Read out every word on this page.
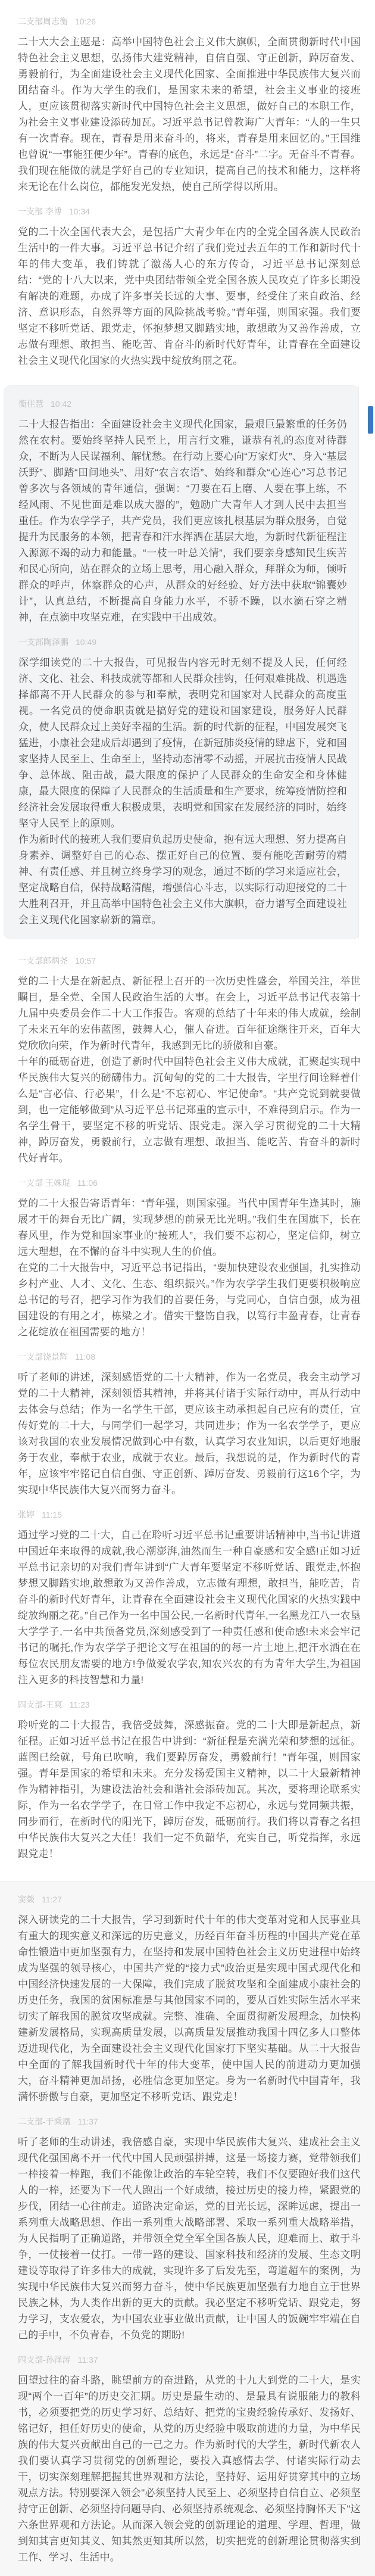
二支部周志衡 10:26
二十大大会主题是：高举中国特色社会主义伟大旗帜，全面贯彻新时代中国特色社会主义思想，弘扬伟大建党精神，自信自强、守正创新，踔厉奋发、勇毅前行，为全面建设社会主义现代化国家、全面推进中华民族伟大复兴而团结奋斗。作为大学生的我们，是国家未来的希望，社会主义事业的接班人，更应该贯彻落实新时代中国特色社会主义思想，做好自己的本职工作，为社会主义事业建设添砖加瓦。习近平总书记曾教诲广大青年：“人的一生只有一次青春。现在，青春是用来奋斗的，将来，青春是用来回忆的。”王国维也曾说“一事能狂便少年”。青春的底色，永远是“奋斗”二字。无奋斗不青春。我们现在能做的就是学好自己的专业知识，提高自己的技术和能力，这样将来无论在什么岗位，都能发光发热，使自己所学得以所用。
一支部 李博 10:34
党的二十次全国代表大会，是包括广大青少年在内的全党全国各族人民政治生活中的一件大事。习近平总书记介绍了我们党过去五年的工作和新时代十年的伟大变革，我们铸就了激荡人心的东方传奇，习近平总书记深刻总结：“党的十八大以来，党中央团结带领全党全国各族人民攻克了许多长期没有解决的难题，办成了许多事关长远的大事、要事，经受住了来自政治、经济、意识形态，自然界等方面的风险挑战考验。”青年强，则国家强。我们要坚定不移听党话、跟党走，怀抱梦想又脚踏实地，敢想敢为又善作善成，立志做有理想、敢担当、能吃苦、肯奋斗的新时代好青年，让青春在全面建设社会主义现代化国家的火热实践中绽放绚丽之花。
衡佳慧 10:42
二十大报告指出：全面建设社会主义现代化国家，最艰巨最繁重的任务仍然在农村。要始终坚持人民至上，用言行文雅，谦恭有礼的态度对待群众，不断为人民谋福利、解忧愁。在行动上要心向“万家灯火”、身入“基层沃野”、脚踏“田间地头”、用好“农言农语”、始终和群众“心连心”习总书记曾多次与各领域的青年通信，强调：“刀要在石上磨、人要在事上练，不经风雨、不见世面是难以成大器的”，勉励广大青年人才到人民中去担当重任。作为农学学子，共产党员，我们更应该扎根基层为群众服务，自觉提升为民服务的本领，把青春和汗水挥洒在基层大地，为新时代新征程注入源源不竭的动力和能量。“一枝一叶总关情”，我们要亲身感知民生疾苦和民心所向，站在群众的立场上思考，用心融入群众，拜群众为师，倾听群众的呼声，体察群众的心声，从群众的好经验、好方法中获取“锦囊妙计”，认真总结，不断提高自身能力水平，不骄不躁，以水滴石穿之精神，在点滴中攻坚克难，在实践中干出成效。
一支部陶泽鹏 10:49
深学细读党的二十大报告，可见报告内容无时无刻不提及人民，任何经济、文化、社会、科技成就等都和人民群众挂钩，任何艰难挑战、机遇选择都离不开人民群众的参与和奉献，表明党和国家对人民群众的高度重视。一名党员的使命职责就是搞好党的建设和国家建设，服务好人民群众，使人民群众过上美好幸福的生活。新的时代新的征程，中国发展突飞猛进，小康社会建成后却遇到了疫情，在新冠肺炎疫情的肆虐下，党和国家坚持人民至上、生命至上，坚持动态清零不动摇，开展抗击疫情人民战争、总体战、阻击战，最大限度的保护了人民群众的生命安全和身体健康，最大限度的保障了人民群众的生活质量和生产要求，统筹疫情防控和经济社会发展取得重大积极成果，表明党和国家在发展经济的同时，始终坚守人民至上的原则。
作为新时代的接班人我们要肩负起历史使命，抱有远大理想、努力提高自身素养、调整好自己的心态、摆正好自己的位置、要有能吃苦耐劳的精神、有责任感、并且树立终身学习的观念，通过不断的学习来适应社会，坚定战略自信，保持战略清醒，增强信心斗志，以实际行动迎接党的二十大胜利召开，并且高举中国特色社会主义伟大旗帜，奋力谱写全面建设社会主义现代化国家崭新的篇章。
一支部郎炳尧 10:57
党的二十大是在新起点、新征程上召开的一次历史性盛会，举国关注，举世瞩目，是全党、全国人民政治生活的大事。在会上，习近平总书记代表第十九届中央委员会作二十大工作报告。客观的总结了十年来的伟大成就，绘制了未来五年的宏伟蓝图，鼓舞人心，催人奋进。百年征途继往开来，百年大党欣欣向荣，作为新时代青年，我感到无比的骄傲和自豪。
十年的砥砺奋进，创造了新时代中国特色社会主义伟大成就，汇聚起实现中华民族伟大复兴的磅礴伟力。沉甸甸的党的二十大报告，字里行间诠释着什么是“言必信、行必果”，什么是“不忘初心、牢记使命”。“共产党说到就要做到，也一定能够做到”从习近平总书记郑重的宣示中，不难得到启示。作为一名学生骨干，要坚定不移的听党话、跟党走。深入学习贯彻党的二十大精神，踔厉奋发，勇毅前行，立志做有理想、敢担当、能吃苦、肯奋斗的新时代好青年。
一支部 王姝琨 11:06
党的二十大报告寄语青年：“青年强，则国家强。当代中国青年生逢其时，施展才干的舞台无比广阔，实现梦想的前景无比光明。”我们生在国旗下，长在春风里，作为党和国家事业的“接班人”，我们要不忘初心，坚定信仰，树立远大理想，在不懈的奋斗中实现人生的价值。
在党的二十大报告中，习近平总书记指出，“要加快建设农业强国，扎实推动乡村产业、人才、文化、生态、组织振兴。”作为农学学生我们更要积极响应总书记的号召，把学习作为我们的首要任务，与党同心，自信自强，成为祖国建设的有用之才，栋梁之才。借实干整饬自我，以笃行丰盈青春，让青春之花绽放在祖国需要的地方！
一支部饶景辉 11:08
听了老师的讲述，深刻感悟党的二十大精神，作为一名党员，我会主动学习党的二十大精神，深刻领悟其精神，并将其付诸于实际行动中，再从行动中去体会与总结；作为一名学生干部，更应该主动承担起自己应有的责任，宣传好党的二十大，与同学们一起学习，共同进步；作为一名农学学子，更应该对我国的农业发展情况做到心中有数，认真学习农业知识，以后更好地服务于农业，奉献于农业，成就于农业。最后，我想说的是，作为新时代的青年，应该牢牢铭记自信自强、守正创新、踔厉奋发、勇毅前行这16个字，为实现中华民族伟大复兴而努力奋斗。
张婷 11:15
通过学习党的二十大，自己在聆听习近平总书记重要讲话精神中,当书记讲道中国近年来取得的成就,我心潮澎湃,油然而生一种自豪感和安全感!正如习近平总书记亲切的对我们青年讲到“广大青年要坚定不移听党话、跟党走,怀抱梦想又脚踏实地,敢想敢为又善作善成，立志做有理想，敢担当，能吃苦，肯奋斗的新时代好青年，让青春在全面建设社会主义现代化国家的火热实践中绽放绚丽之花。”自己作为一名中国公民,一名新时代青年,一名黑龙江八一农垦大学学子,一名中共预备党员,深刻感受到了一种责任感和使命感!未来会牢记书记的嘱托,作为农学学子把论文写在祖国的的每一片土地上,把汗水洒在在每位农民朋友需要的地方!争做爱农学农,知农兴农的有为青年大学生,为祖国注入更多的科技智慧和力量!
四支部-王爽 11:23
聆听党的二十大报告，我倍受鼓舞，深感振奋。党的二十大即是新起点，新征程。正如习近平总书记在报告中讲到：“新征程是充满光荣和梦想的远征。蓝图已绘就，号角已吹响，我们要踔厉奋发，勇毅前行！”青年强，则国家强。青年是国家的希望和未来。充分发扬爱国主义精神，以二十大最新精神作为精神指引，为建设法治社会和谐社会添砖加瓦。其次，要将理论联系实际，作为一名农学学子，在日常工作中我定不忘初心，永远与党同频共振，同步而行，在新时代的阳光下，踔厉奋发，砥砺前行。我们将以青春之名担中华民族伟大复兴之大任！我们一定不负韶华，充实自己，听党指挥，永远跟党走！
窦燚 11:27
深入研读党的二十大报告，学习到新时代十年的伟大变革对党和人民事业具有重大的现实意义和深远的历史意义，历经百年奋斗历程的中国共产党在革命性锻造中更加坚强有力，在坚持和发展中国特色社会主义历史进程中始终成为坚强的领导核心，中国共产党的“接力式”政治更是实现中国式现代化和中国经济快速发展的一大保障，我们完成了脱贫攻坚和全面建成小康社会的历史任务，我国的贫困标准是与其他国家不同的，要从百姓实际生活水平来切实了解我国的脱贫攻坚成就。完整、准确、全面贯彻新发展理念，加快构建新发展格局，实现高质量发展，以高质量发展推动我国十四亿多人口整体迈进现代化，为全面建设社会主义现代化国家打下坚实基础。从二十大报告中全面的了解我国新时代十年的伟大变革，使中国人民的前进动力更加强大，奋斗精神更加昂扬，必胜信念更加坚定。身为一名新时代中国青年，我满怀骄傲与自豪，更加坚定不移听党话、跟党走！
二支部-于乘凰 11:37
听了老师的生动讲述，我倍感自豪，实现中华民族伟大复兴、建成社会主义现代化强国离不开一代代中国人民顽强拼搏，这是一场接力赛，党带领我们一棒接着一棒跑，我们不能像让政治的车轮空转，我们不仅要跑好我们这代人的一棒，还要为下一代人跑出一个好成绩，接过历史的接力棒，紧跟党的步伐，团结一心往前走。道路决定命运，党的目光长远，深眸远虑，提出一系列重大战略思想、作出一系列重大战略部署、采取一系列重大战略举措，为人民指明了正确道路，并带领全党全军全国各族人民，迎难而上、敢于斗争，一仗接着一仗打。一带一路的建设、国家科技和经济的发展、生态文明建设等取得了许多伟大的成就，实现许多了后发先至，弯道超车的案例，为实现中华民族伟大复兴而努力奋斗，使中华民族更加坚强有力地自立于世界民族之林，为人类作出新的更大的贡献。我必坚定不移听党话、跟党走，努力学习，支农爱农，为中国农业事业做出贡献，让中国人的饭碗牢牢端在自己的手中，不负青春，不负党的期盼!
四支部-孙泽涛 11:37
回望过往的奋斗路，眺望前方的奋进路，从党的十九大到党的二十大，是实现“两个一百年”的历史交汇期。历史是最生动的、是最具有说服能力的教科书，必须要把党的历史学习好、总结好、把党的宝贵经验传承好、发扬好、铭记好，担任好历史的使命，从党的历史经验中吸取前进的力量，为中华民族的伟大复兴贡献出自己的一己之力。作为新时代的大学生，新时代新农人我们要认真学习贯彻党的创新理论，要投入真感情去学、付诸实际行动去干，切实深刻理解把握其世界观和方法论，坚持好、运用好贯穿其中的立场观点方法。特别要深入领会"必须坚持人民至上、必须坚持自信自立、必须坚持守正创新、必须坚持问题导向、必须坚持系统观念、必须坚持胸怀天下"这六条世界观和方法论。从而深入领会党的创新理论的道理、学理、哲理，做到知其言更知其义、知其然更知其所以然，切实把党的创新理论贯彻落实到工作、学习、生活中。
